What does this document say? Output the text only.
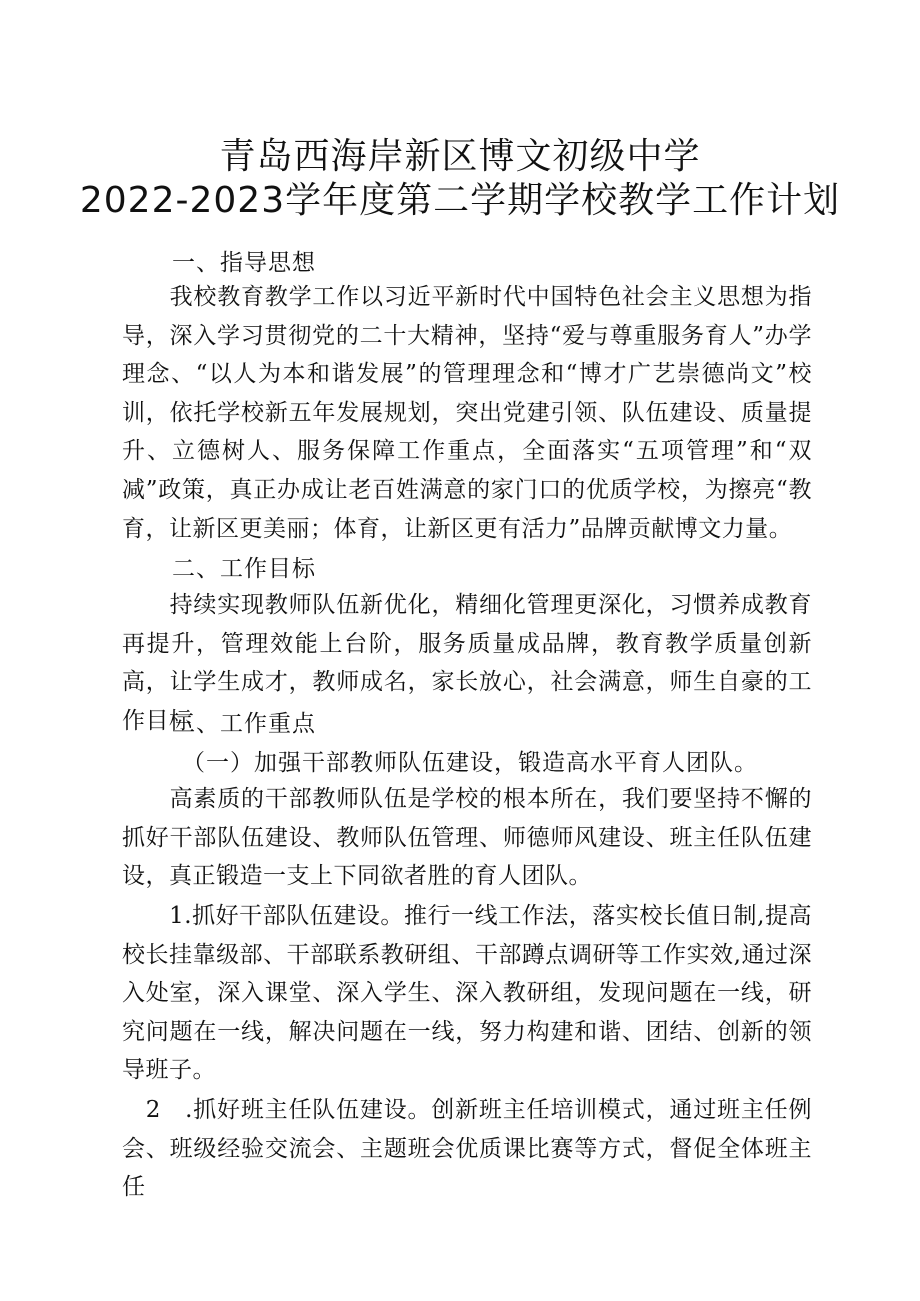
青岛西海岸新区博文初级中学
2022-2023学年度第二学期学校教学工作计划
一、指导思想
　　我校教育教学工作以习近平新时代中国特色社会主义思想为指导，深入学习贯彻党的二十大精神，坚持“爱与尊重服务育人”办学理念、“以人为本和谐发展”的管理理念和“博才广艺崇德尚文”校训，依托学校新五年发展规划，突出党建引领、队伍建设、质量提升、立德树人、服务保障工作重点，全面落实“五项管理”和“双减”政策，真正办成让老百姓满意的家门口的优质学校，为擦亮“教育，让新区更美丽；体育，让新区更有活力”品牌贡献博文力量。
二、工作目标
　　持续实现教师队伍新优化，精细化管理更深化，习惯养成教育再提升，管理效能上台阶，服务质量成品牌，教育教学质量创新高，让学生成才，教师成名，家长放心，社会满意，师生自豪的工作目标
三、工作重点
（一）加强干部教师队伍建设，锻造高水平育人团队。
　　高素质的干部教师队伍是学校的根本所在，我们要坚持不懈的抓好干部队伍建设、教师队伍管理、师德师风建设、班主任队伍建设，真正锻造一支上下同欲者胜的育人团队。
　　1.抓好干部队伍建设。推行一线工作法，落实校长值日制,提高校长挂靠级部、干部联系教研组、干部蹲点调研等工作实效,通过深入处室，深入课堂、深入学生、深入教研组，发现问题在一线，研究问题在一线，解决问题在一线，努力构建和谐、团结、创新的领导班子。
　2　.抓好班主任队伍建设。创新班主任培训模式，通过班主任例会、班级经验交流会、主题班会优质课比赛等方式，督促全体班主任
